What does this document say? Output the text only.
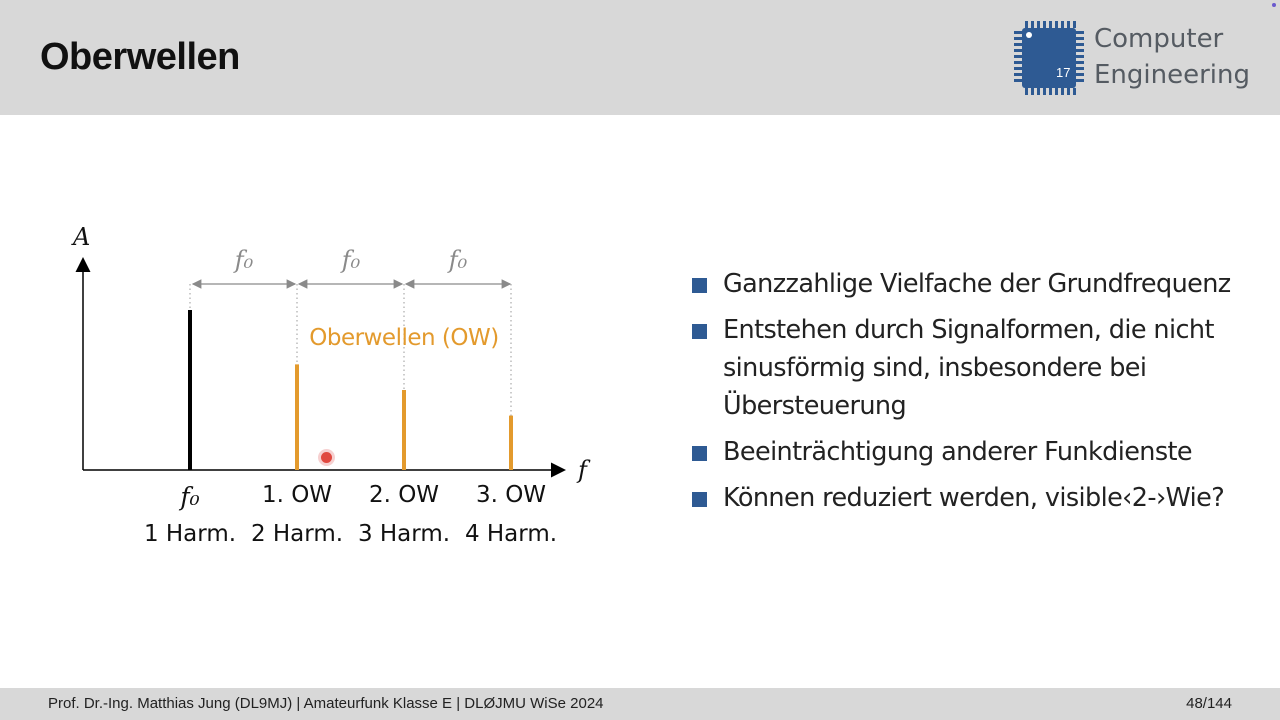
Oberwellen	17
Computer
Engineering
A
f
f₀	f₀	f₀
Oberwellen (OW)
f₀	1. OW 2. OW 3. OW
1 Harm. 2 Harm. 3 Harm. 4 Harm.
Ganzzahlige Vielfache der Grundfrequenz
Entstehen durch Signalformen, die nicht sinusförmig sind, insbesondere bei Übersteuerung
Beeinträchtigung anderer Funkdienste
Können reduziert werden, visible‹2-›Wie?
Prof. Dr.-Ing. Matthias Jung (DL9MJ) | Amateurfunk Klasse E | DLØJMU WiSe 2024	48/144
